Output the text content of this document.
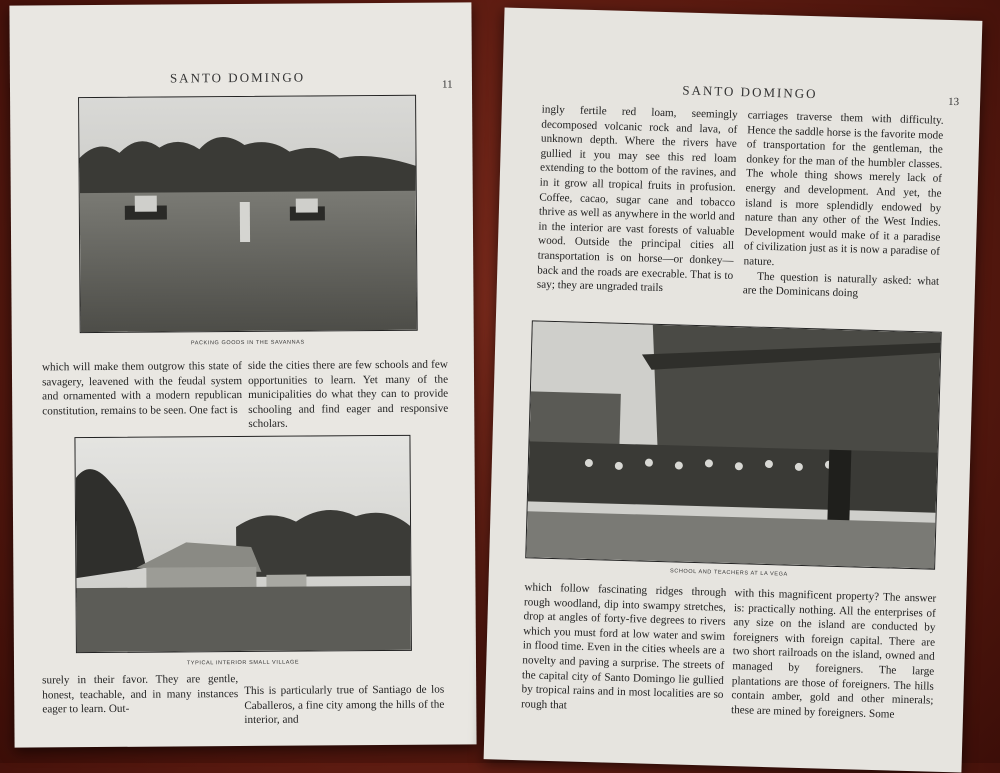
SANTO DOMINGO	11
PACKING GOODS IN THE SAVANNAS

which will make them outgrow this state of savagery, leavened with the feudal system and ornamented with a modern republican constitution, remains to be seen. One fact is

side the cities there are few schools and few opportunities to learn. Yet many of the municipalities do what they can to provide schooling and find eager and responsive scholars.

TYPICAL INTERIOR SMALL VILLAGE

surely in their favor. They are gentle, honest, teachable, and in many instances eager to learn. Out-

This is particularly true of Santiago de los Caballeros, a fine city among the hills of the interior, and

SANTO DOMINGO
13

ingly fertile red loam, seemingly decomposed volcanic rock and lava, of unknown depth. Where the rivers have gullied it you may see this red loam extending to the bottom of the ravines, and in it grow all tropical fruits in profusion. Coffee, cacao, sugar cane and tobacco thrive as well as anywhere in the world and in the interior are vast forests of valuable wood. Outside the principal cities all transportation is on horse—or donkey—back and the roads are execrable. That is to say; they are ungraded trails

carriages traverse them with difficulty. Hence the saddle horse is the favorite mode of transportation for the gentleman, the donkey for the man of the humbler classes. The whole thing shows merely lack of energy and development. And yet, the island is more splendidly endowed by nature than any other of the West Indies. Development would make of it a paradise of civilization just as it is now a paradise of nature.

The question is naturally asked: what are the Dominicans doing

SCHOOL AND TEACHERS AT LA VEGA

which follow fascinating ridges through rough woodland, dip into swampy stretches, drop at angles of forty-five degrees to rivers which you must ford at low water and swim in flood time. Even in the cities wheels are a novelty and paving a surprise. The streets of the capital city of Santo Domingo lie gullied by tropical rains and in most localities are so rough that

with this magnificent property? The answer is: practically nothing. All the enterprises of any size on the island are conducted by foreigners with foreign capital. There are two short railroads on the island, owned and managed by foreigners. The large plantations are those of foreigners. The hills contain amber, gold and other minerals; these are mined by foreigners. Some
